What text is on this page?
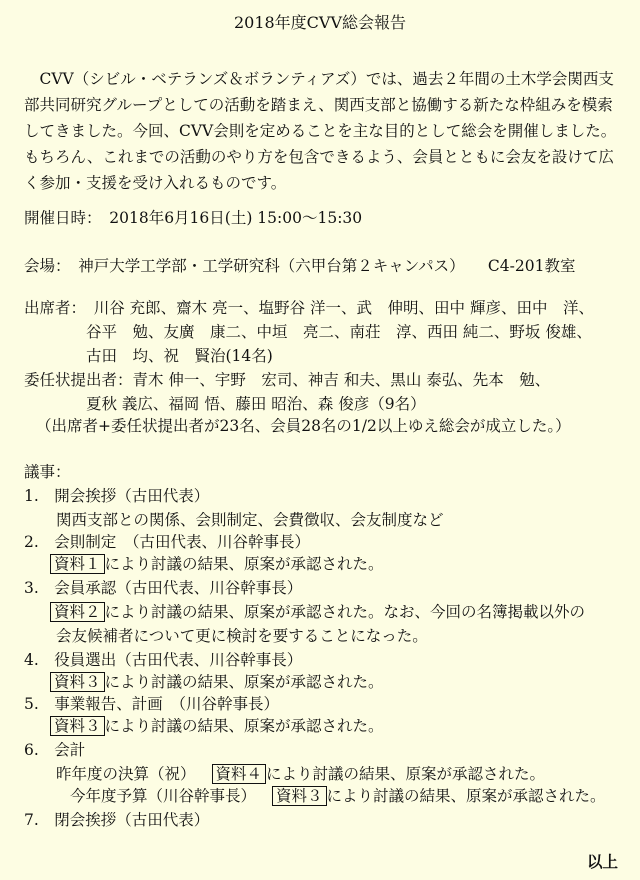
2018年度CVV総会報告
CVV（シビル・ベテランズ＆ボランティアズ）では、過去２年間の土木学会関西支部共同研究グループとしての活動を踏まえ、関西支部と協働する新たな枠組みを模索してきました。今回、CVV会則を定めることを主な目的として総会を開催しました。もちろん、これまでの活動のやり方を包含できるよう、会員とともに会友を設けて広く参加・支援を受け入れるものです。
開催日時：　2018年6月16日(土) 15:00～15:30
会場：　神戸大学工学部・工学研究科（六甲台第２キャンパス）　　C4-201教室
出席者：　川谷 充郎、齋木 亮一、塩野谷 洋一、武　伸明、田中 輝彦、田中　洋、
谷平　勉、友廣　康二、中垣　亮二、南荘　淳、西田 純二、野坂 俊雄、
古田　均、祝　賢治(14名)
委任状提出者：青木 伸一、宇野　宏司、神吉 和夫、黒山 泰弘、先本　勉、
夏秋 義広、福岡 悟、藤田 昭治、森 俊彦（9名）
（出席者+委任状提出者が23名、会員28名の1/2以上ゆえ総会が成立した。）
議事：
1.　開会挨拶（古田代表）
関西支部との関係、会則制定、会費徴収、会友制度など
2.　会則制定　（古田代表、川谷幹事長）
資料１ により討議の結果、原案が承認された。
3.　会員承認（古田代表、川谷幹事長）
資料２ により討議の結果、原案が承認された。なお、今回の名簿掲載以外の
会友候補者について更に検討を要することになった。
4.　役員選出（古田代表、川谷幹事長）
資料３ により討議の結果、原案が承認された。
5.　事業報告、計画　（川谷幹事長）
資料３ により討議の結果、原案が承認された。
6.　会計
昨年度の決算（祝） 資料４ により討議の結果、原案が承認された。
今年度予算（川谷幹事長） 資料３ により討議の結果、原案が承認された。
7.　閉会挨拶（古田代表）
以上
